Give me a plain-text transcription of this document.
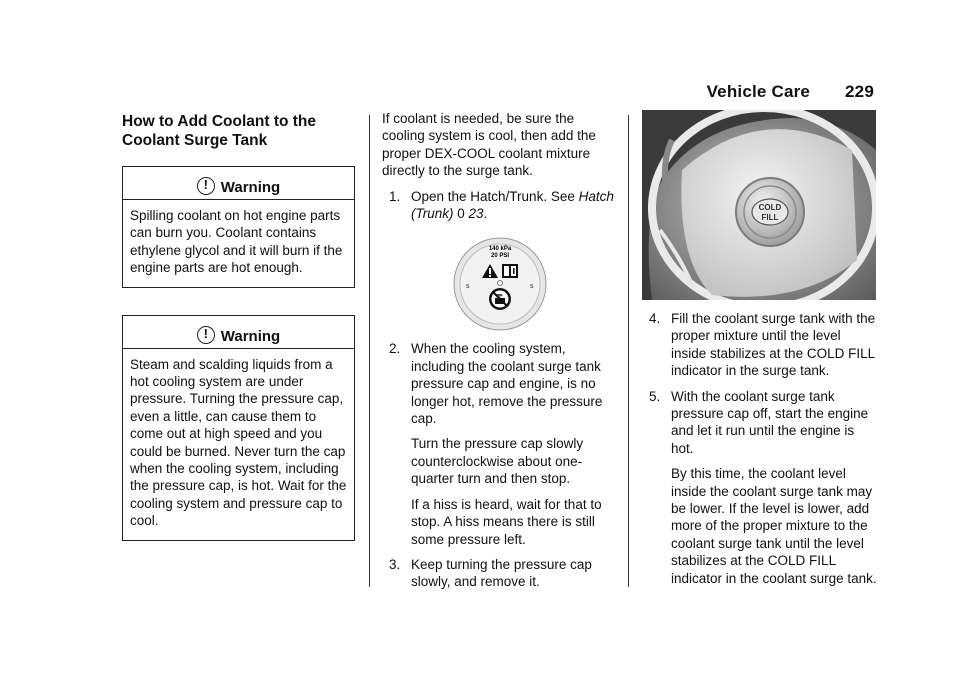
Vehicle Care 229
How to Add Coolant to the Coolant Surge Tank
!Warning
Spilling coolant on hot engine parts can burn you. Coolant contains ethylene glycol and it will burn if the engine parts are hot enough.
!Warning
Steam and scalding liquids from a hot cooling system are under pressure. Turning the pressure cap, even a little, can cause them to come out at high speed and you could be burned. Never turn the cap when the cooling system, including the pressure cap, is hot. Wait for the cooling system and pressure cap to cool.

If coolant is needed, be sure the cooling system is cool, then add the proper DEX-COOL coolant mixture directly to the surge tank.

1. Open the Hatch/Trunk. See Hatch (Trunk) 0 23.
140 kPa
20 PSI
S	S
2. When the cooling system, including the coolant surge tank pressure cap and engine, is no longer hot, remove the pressure cap.

Turn the pressure cap slowly counterclockwise about one-quarter turn and then stop.

If a hiss is heard, wait for that to stop. A hiss means there is still some pressure left.

3. Keep turning the pressure cap slowly, and remove it.

COLD
FILL
4. Fill the coolant surge tank with the proper mixture until the level inside stabilizes at the COLD FILL indicator in the surge tank.

5. With the coolant surge tank pressure cap off, start the engine and let it run until the engine is hot.

By this time, the coolant level inside the coolant surge tank may be lower. If the level is lower, add more of the proper mixture to the coolant surge tank until the level stabilizes at the COLD FILL indicator in the coolant surge tank.
